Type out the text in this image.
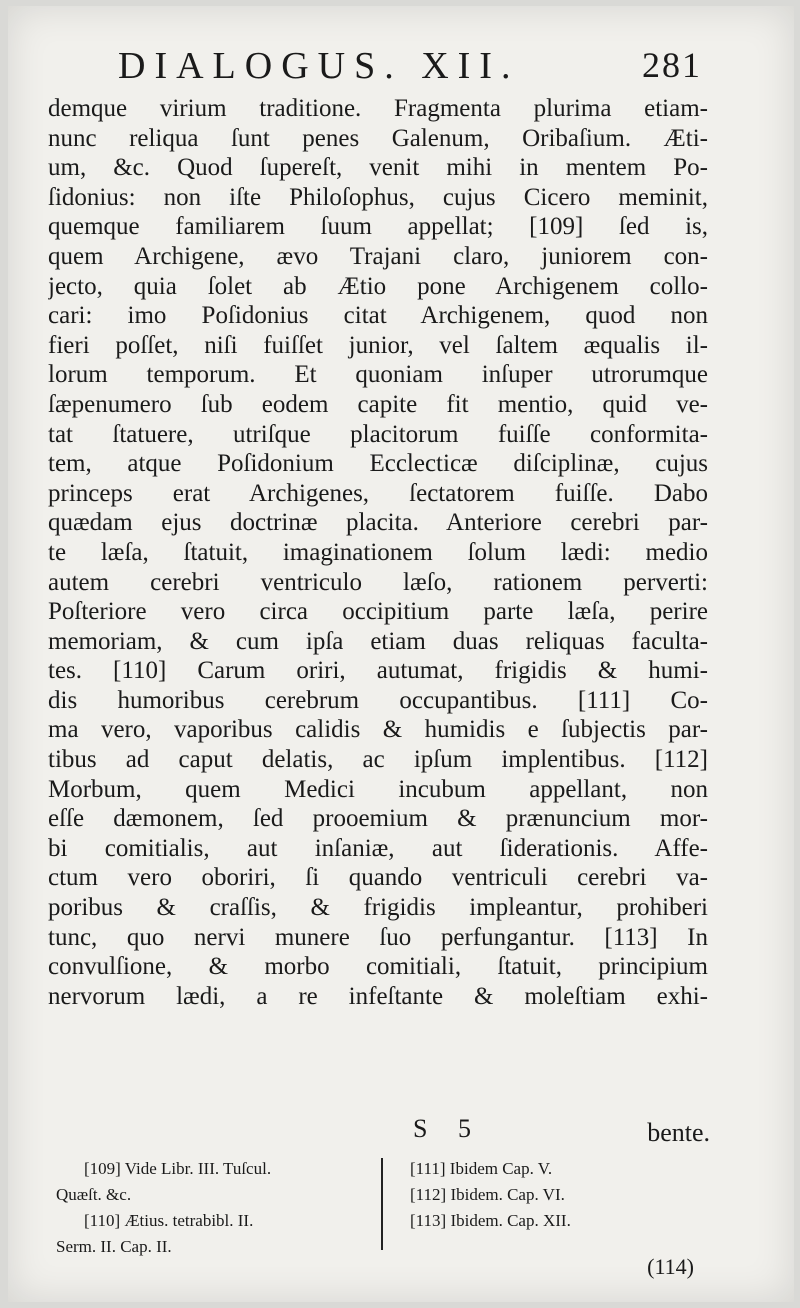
DIALOGUS. XII.	281
demque virium traditione. Fragmenta plurima etiam-
nunc reliqua ſunt penes Galenum, Oribaſium. Æti-
um, &c. Quod ſupereſt, venit mihi in mentem Po-
ſidonius: non iſte Philoſophus, cujus Cicero meminit,
quemque familiarem ſuum appellat; [109] ſed is,
quem Archigene, ævo Trajani claro, juniorem con-
jecto, quia ſolet ab Ætio pone Archigenem collo-
cari: imo Poſidonius citat Archigenem, quod non
fieri poſſet, niſi fuiſſet junior, vel ſaltem æqualis il-
lorum temporum. Et quoniam inſuper utrorumque
ſæpenumero ſub eodem capite fit mentio, quid ve-
tat ſtatuere, utriſque placitorum fuiſſe conformita-
tem, atque Poſidonium Ecclecticæ diſciplinæ, cujus
princeps erat Archigenes, ſectatorem fuiſſe. Dabo
quædam ejus doctrinæ placita. Anteriore cerebri par-
te læſa, ſtatuit, imaginationem ſolum lædi: medio
autem cerebri ventriculo læſo, rationem perverti:
Poſteriore vero circa occipitium parte læſa, perire
memoriam, & cum ipſa etiam duas reliquas faculta-
tes. [110] Carum oriri, autumat, frigidis & humi-
dis humoribus cerebrum occupantibus. [111] Co-
ma vero, vaporibus calidis & humidis e ſubjectis par-
tibus ad caput delatis, ac ipſum implentibus. [112]
Morbum, quem Medici incubum appellant, non
eſſe dæmonem, ſed prooemium & prænuncium mor-
bi comitialis, aut inſaniæ, aut ſiderationis. Affe-
ctum vero oboriri, ſi quando ventriculi cerebri va-
poribus & craſſis, & frigidis impleantur, prohiberi
tunc, quo nervi munere ſuo perfungantur. [113] In
convulſione, & morbo comitiali, ſtatuit, principium
nervorum lædi, a re infeſtante & moleſtiam exhi-
S 5	bente.
[109] Vide Libr. III. Tuſcul.
Quæſt. &c.
[110] Ætius. tetrabibl. II.
Serm. II. Cap. II.
[111] Ibidem Cap. V.
[112] Ibidem. Cap. VI.
[113] Ibidem. Cap. XII.
(114)
